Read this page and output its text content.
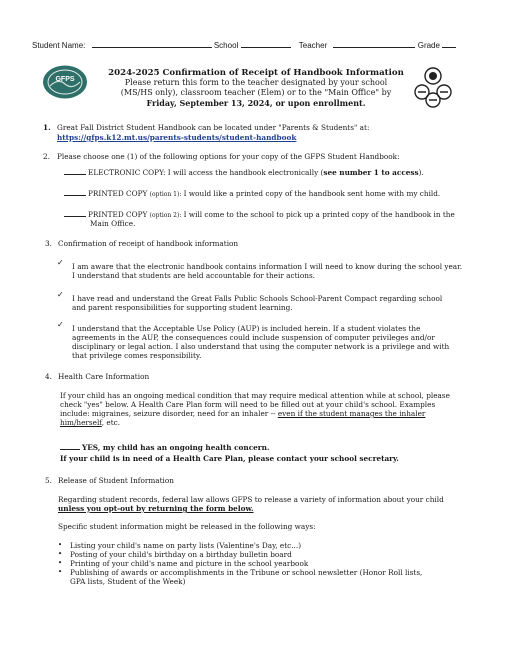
Student Name:	School	Teacher	Grade
GFPS
2024-2025 Confirmation of Receipt of Handbook Information
Please return this form to the teacher designated by your school
(MS/HS only), classroom teacher (Elem) or to the "Main Office" by
Friday, September 13, 2024, or upon enrollment.
1. Great Fall District Student Handbook can be located under "Parents & Students" at:
https://gfps.k12.mt.us/parents-students/student-handbook
2. Please choose one (1) of the following options for your copy of the GFPS Student Handbook:
ELECTRONIC COPY: I will access the handbook electronically (see number 1 to access).
PRINTED COPY (option 1): I would like a printed copy of the handbook sent home with my child.
PRINTED COPY (option 2): I will come to the school to pick up a printed copy of the handbook in the
Main Office.
3. Confirmation of receipt of handbook information
✓ I am aware that the electronic handbook contains information I will need to know during the school year.
I understand that students are held accountable for their actions.
✓ I have read and understand the Great Falls Public Schools School-Parent Compact regarding school
and parent responsibilities for supporting student learning.
✓ I understand that the Acceptable Use Policy (AUP) is included herein. If a student violates the
agreements in the AUP, the consequences could include suspension of computer privileges and/or
disciplinary or legal action. I also understand that using the computer network is a privilege and with
that privilege comes responsibility.
4. Health Care Information
If your child has an ongoing medical condition that may require medical attention while at school, please
check "yes" below. A Health Care Plan form will need to be filled out at your child's school. Examples
include: migraines, seizure disorder, need for an inhaler -- even if the student manages the inhaler
him/herself, etc.
YES, my child has an ongoing health concern.
If your child is in need of a Health Care Plan, please contact your school secretary.
5. Release of Student Information
Regarding student records, federal law allows GFPS to release a variety of information about your child
unless you opt-out by returning the form below.
Specific student information might be released in the following ways:
• Listing your child's name on party lists (Valentine's Day, etc...)
• Posting of your child's birthday on a birthday bulletin board
• Printing of your child's name and picture in the school yearbook
• Publishing of awards or accomplishments in the Tribune or school newsletter (Honor Roll lists,
GPA lists, Student of the Week)
